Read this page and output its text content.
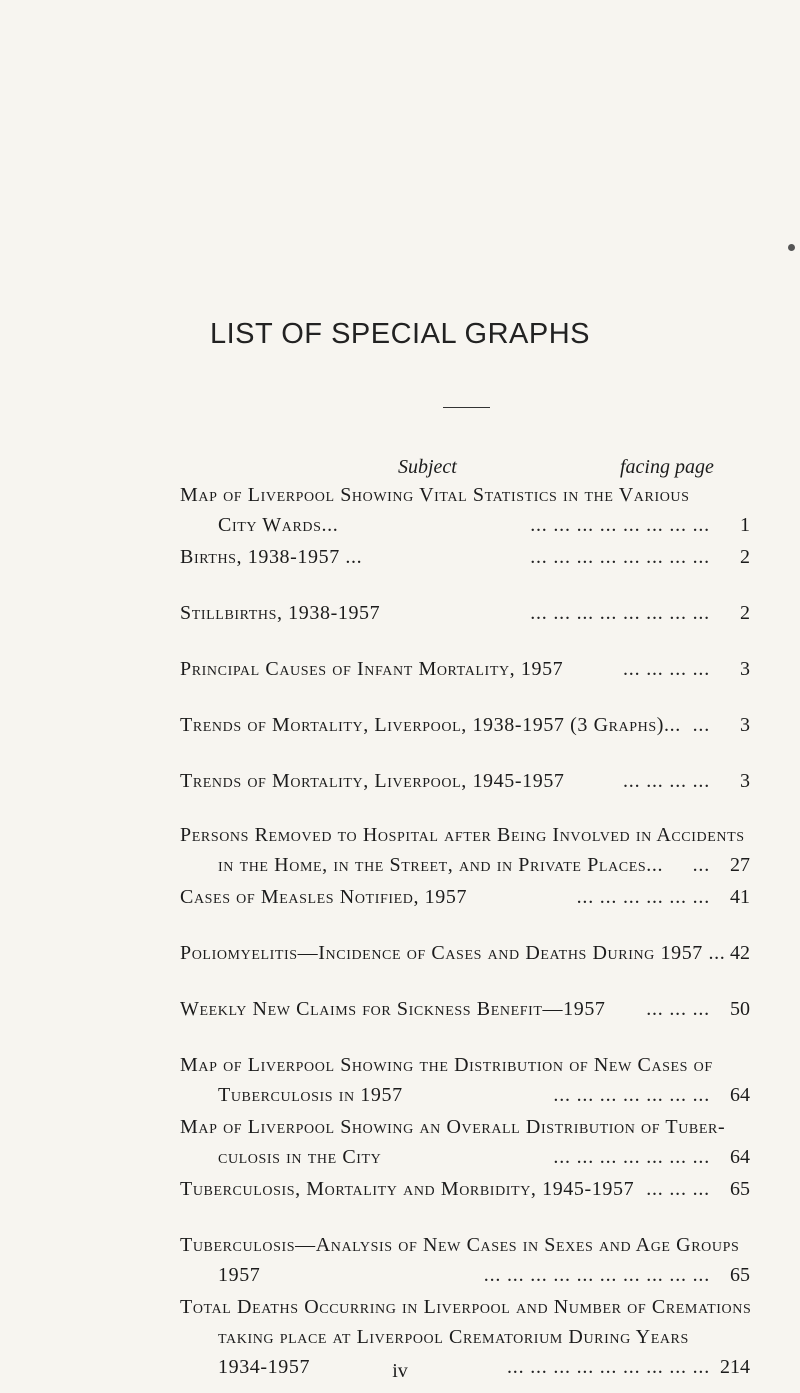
LIST OF SPECIAL GRAPHS
Subject	facing page
Map of Liverpool Showing Vital Statistics in the Various
City Wards...	... ... ... ... ... ... ... ...	1
Births, 1938-1957 ...	... ... ... ... ... ... ... ...	2
Stillbirths, 1938-1957	... ... ... ... ... ... ... ...	2
Principal Causes of Infant Mortality, 1957	... ... ... ...	3
Trends of Mortality, Liverpool, 1938-1957 (3 Graphs)... ...	3
Trends of Mortality, Liverpool, 1945-1957	... ... ... ...	3
Persons Removed to Hospital after Being Involved in Accidents
in the Home, in the Street, and in Private Places... ...	27
Cases of Measles Notified, 1957	... ... ... ... ... ...	41
Poliomyelitis—Incidence of Cases and Deaths During 1957 ... 42
Weekly New Claims for Sickness Benefit—1957 ... ... ...	50
Map of Liverpool Showing the Distribution of New Cases of
Tuberculosis in 1957	... ... ... ... ... ... ...	64
Map of Liverpool Showing an Overall Distribution of Tuber-
culosis in the City	... ... ... ... ... ... ...	64
Tuberculosis, Mortality and Morbidity, 1945-1957 ... ... ...	65
Tuberculosis—Analysis of New Cases in Sexes and Age Groups
1957	... ... ... ... ... ... ... ... ... ...	65
Total Deaths Occurring in Liverpool and Number of Cremations
taking place at Liverpool Crematorium During Years
1934-1957	... ... ... ... ... ... ... ... ... 214
iv
